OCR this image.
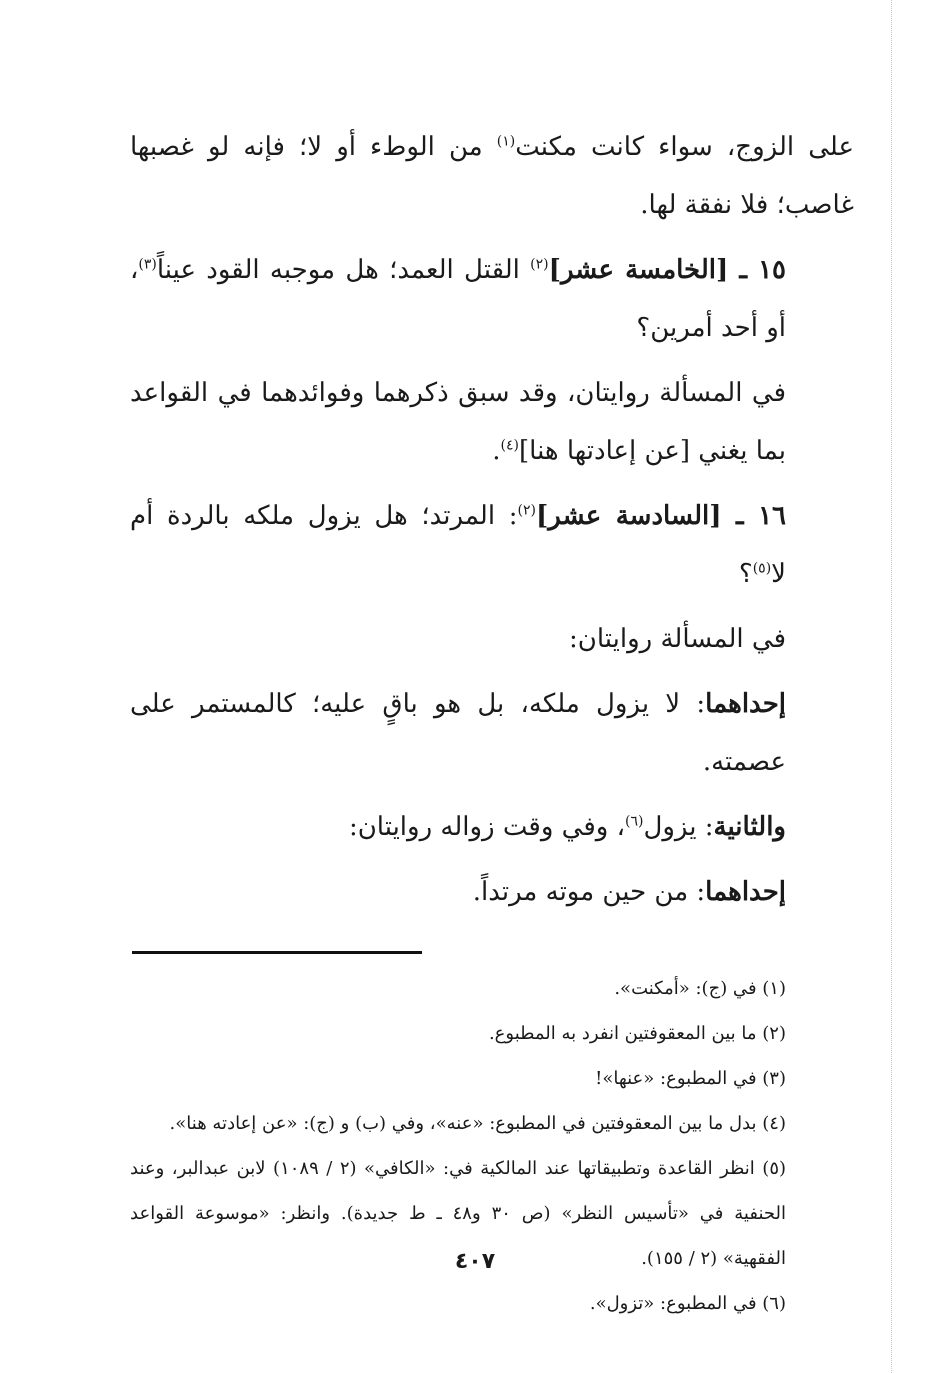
على الزوج، سواء كانت مكنت$^{(١)}$ من الوطء أو لا؛ فإنه لو غصبها غاصب؛ فلا نفقة لها.

١٥ ـ [الخامسة عشر]$^{(٢)}$ القتل العمد؛ هل موجبه القود عيناً$^{(٣)}$، أو أحد أمرين؟

في المسألة روايتان، وقد سبق ذكرهما وفوائدهما في القواعد بما يغني [عن إعادتها هنا]$^{(٤)}$.

١٦ ـ [السادسة عشر]$^{(٢)}$: المرتد؛ هل يزول ملكه بالردة أم لا$^{(٥)}$؟

في المسألة روايتان:

إحداهما: لا يزول ملكه، بل هو باقٍ عليه؛ كالمستمر على عصمته.

والثانية: يزول$^{(٦)}$، وفي وقت زواله روايتان:

إحداهما: من حين موته مرتداً.

(١) في (ج): «أمكنت».

(٢) ما بين المعقوفتين انفرد به المطبوع.

(٣) في المطبوع: «عنها»!

(٤) بدل ما بين المعقوفتين في المطبوع: «عنه»، وفي (ب) و (ج): «عن إعادته هنا».

(٥) انظر القاعدة وتطبيقاتها عند المالكية في: «الكافي» (٢ / ١٠٨٩) لابن عبدالبر، وعند الحنفية في «تأسيس النظر» (ص ٣٠ و٤٨ ـ ط جديدة). وانظر: «موسوعة القواعد الفقهية» (٢ / ١٥٥).

(٦) في المطبوع: «تزول».

٤٠٧
